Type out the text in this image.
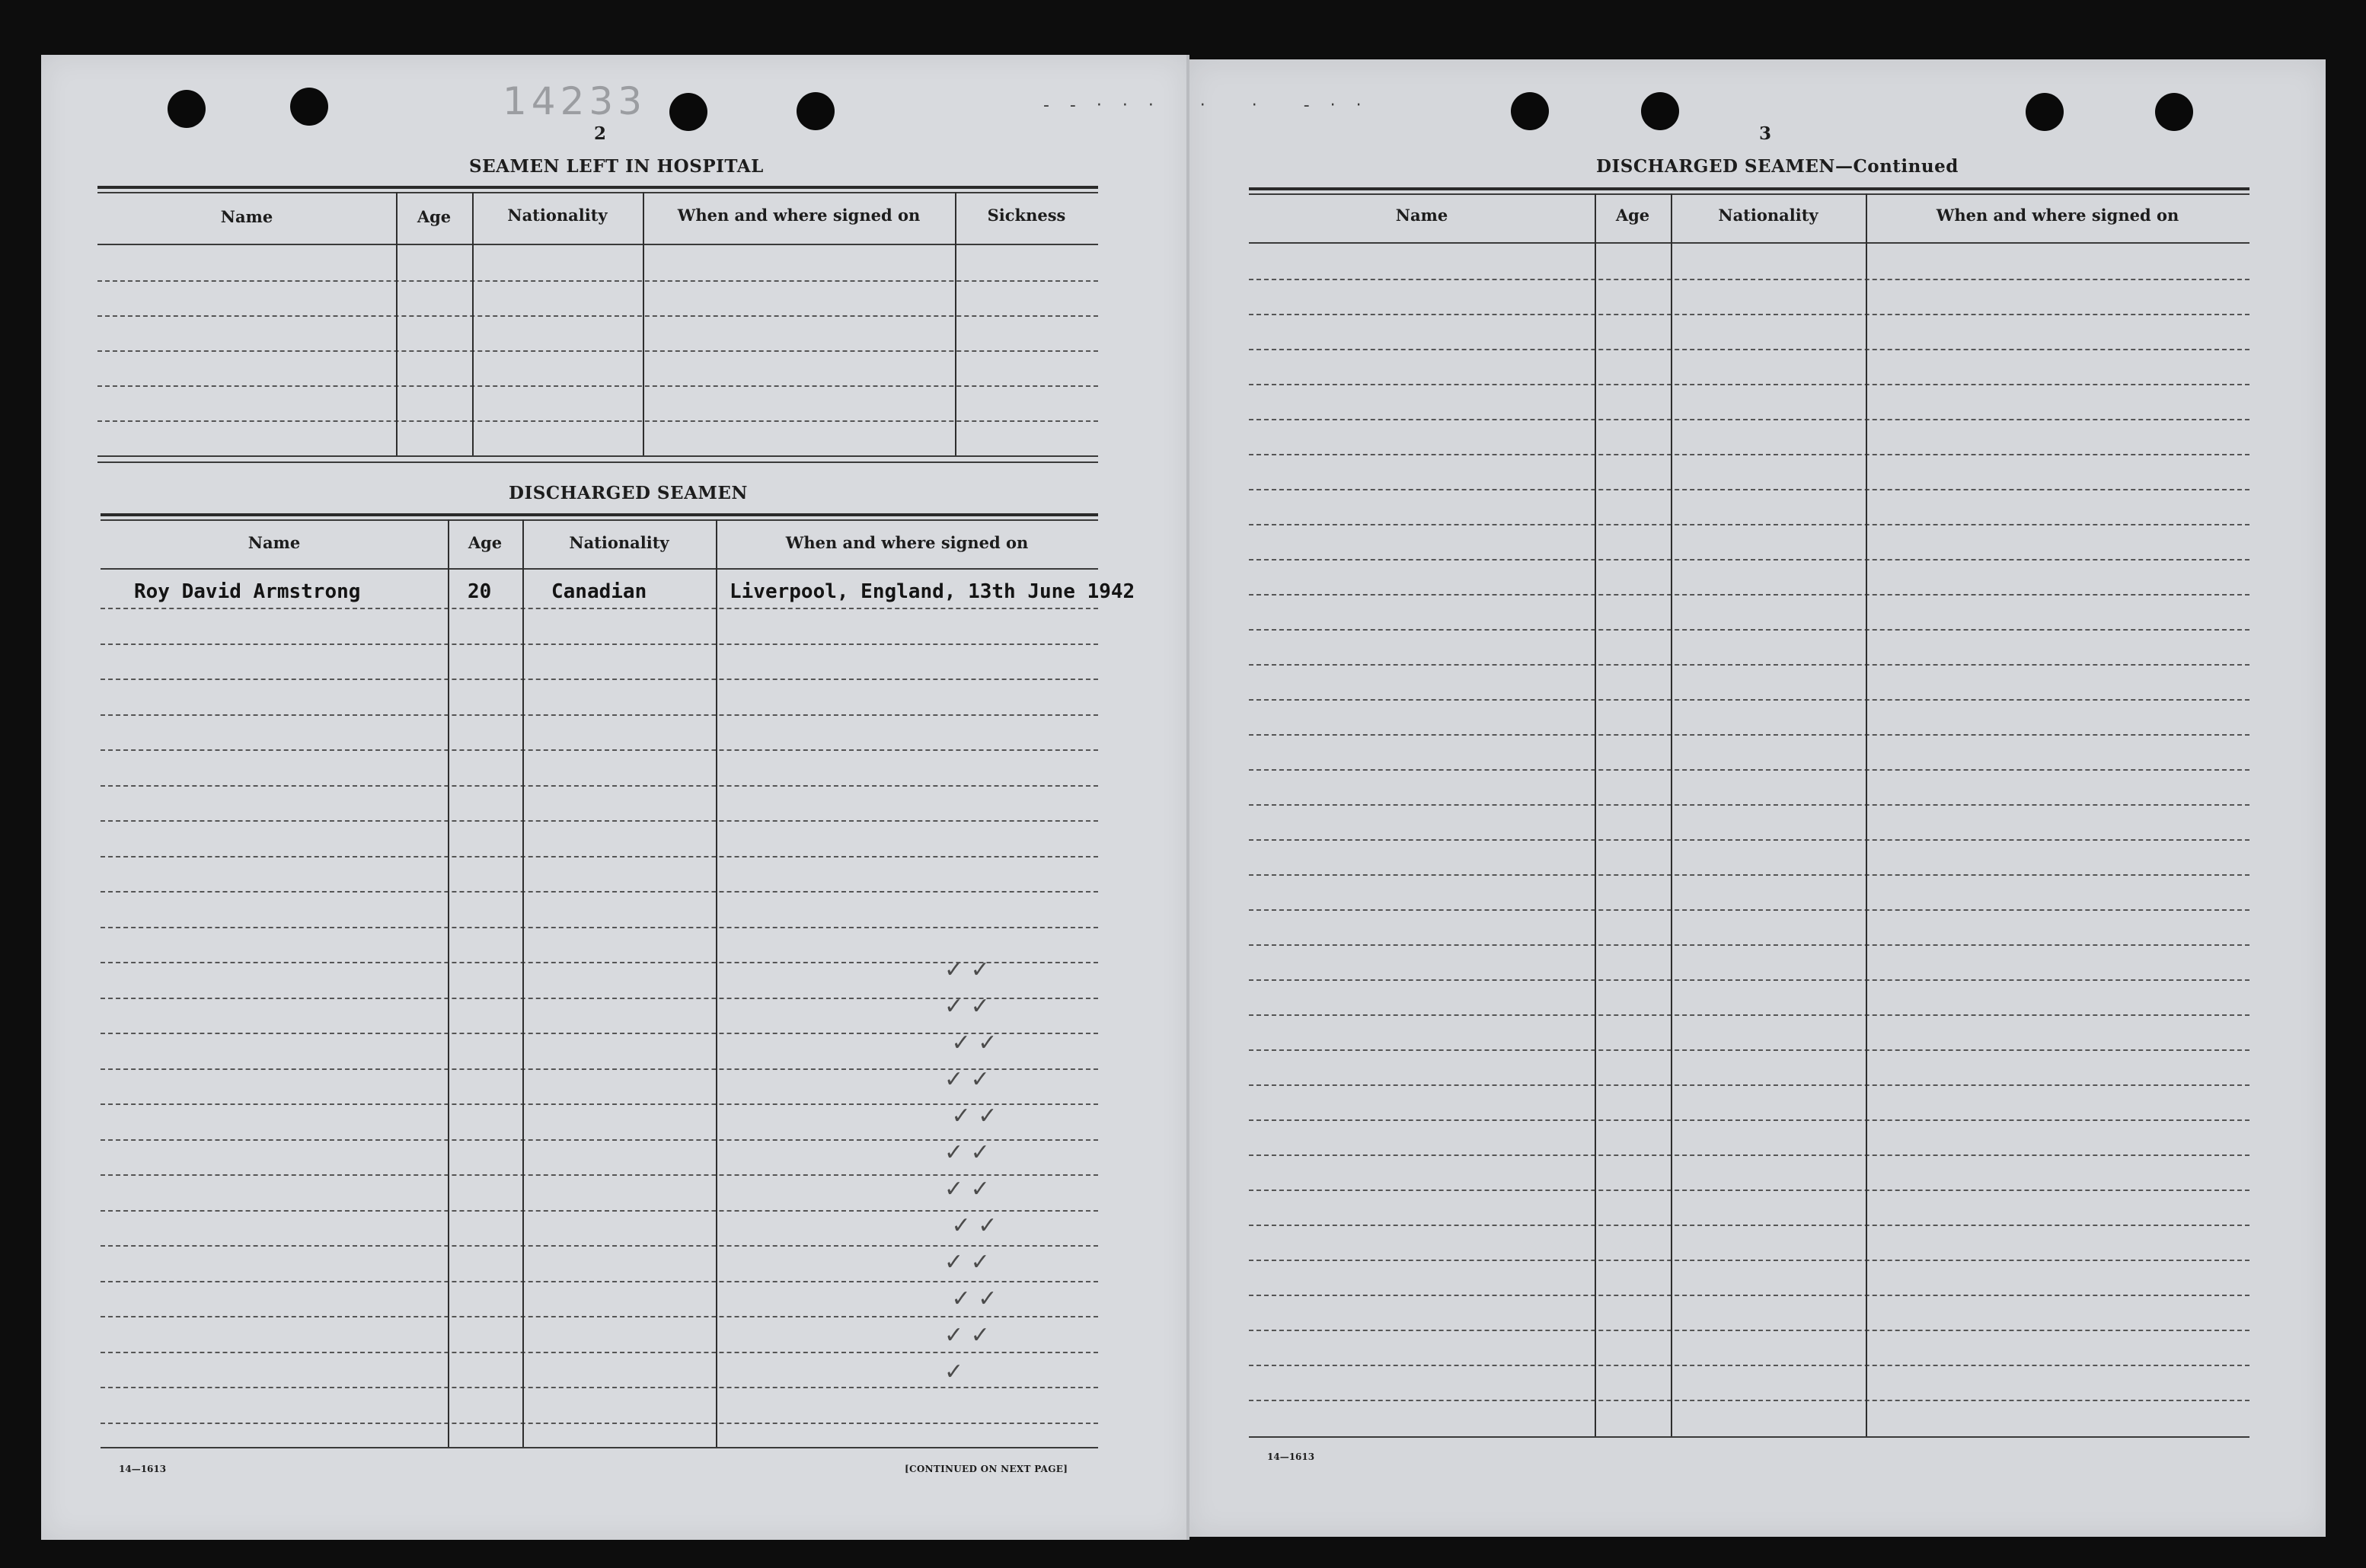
14233	- - · · ·   ·   ·   - · ·
2
SEAMEN LEFT IN HOSPITAL
Name	Age	Nationality	When and where signed on	Sickness
DISCHARGED SEAMEN
Name	Age	Nationality	When and where signed on
Roy David Armstrong	20	Canadian	Liverpool, England, 13th June 1942
✓ ✓
✓ ✓
✓ ✓
✓ ✓
✓ ✓
✓ ✓
✓ ✓
✓ ✓
✓ ✓
✓ ✓
✓ ✓
✓
14—1613	[CONTINUED ON NEXT PAGE]
3
DISCHARGED SEAMEN—Continued
Name	Age	Nationality	When and where signed on
14—1613
